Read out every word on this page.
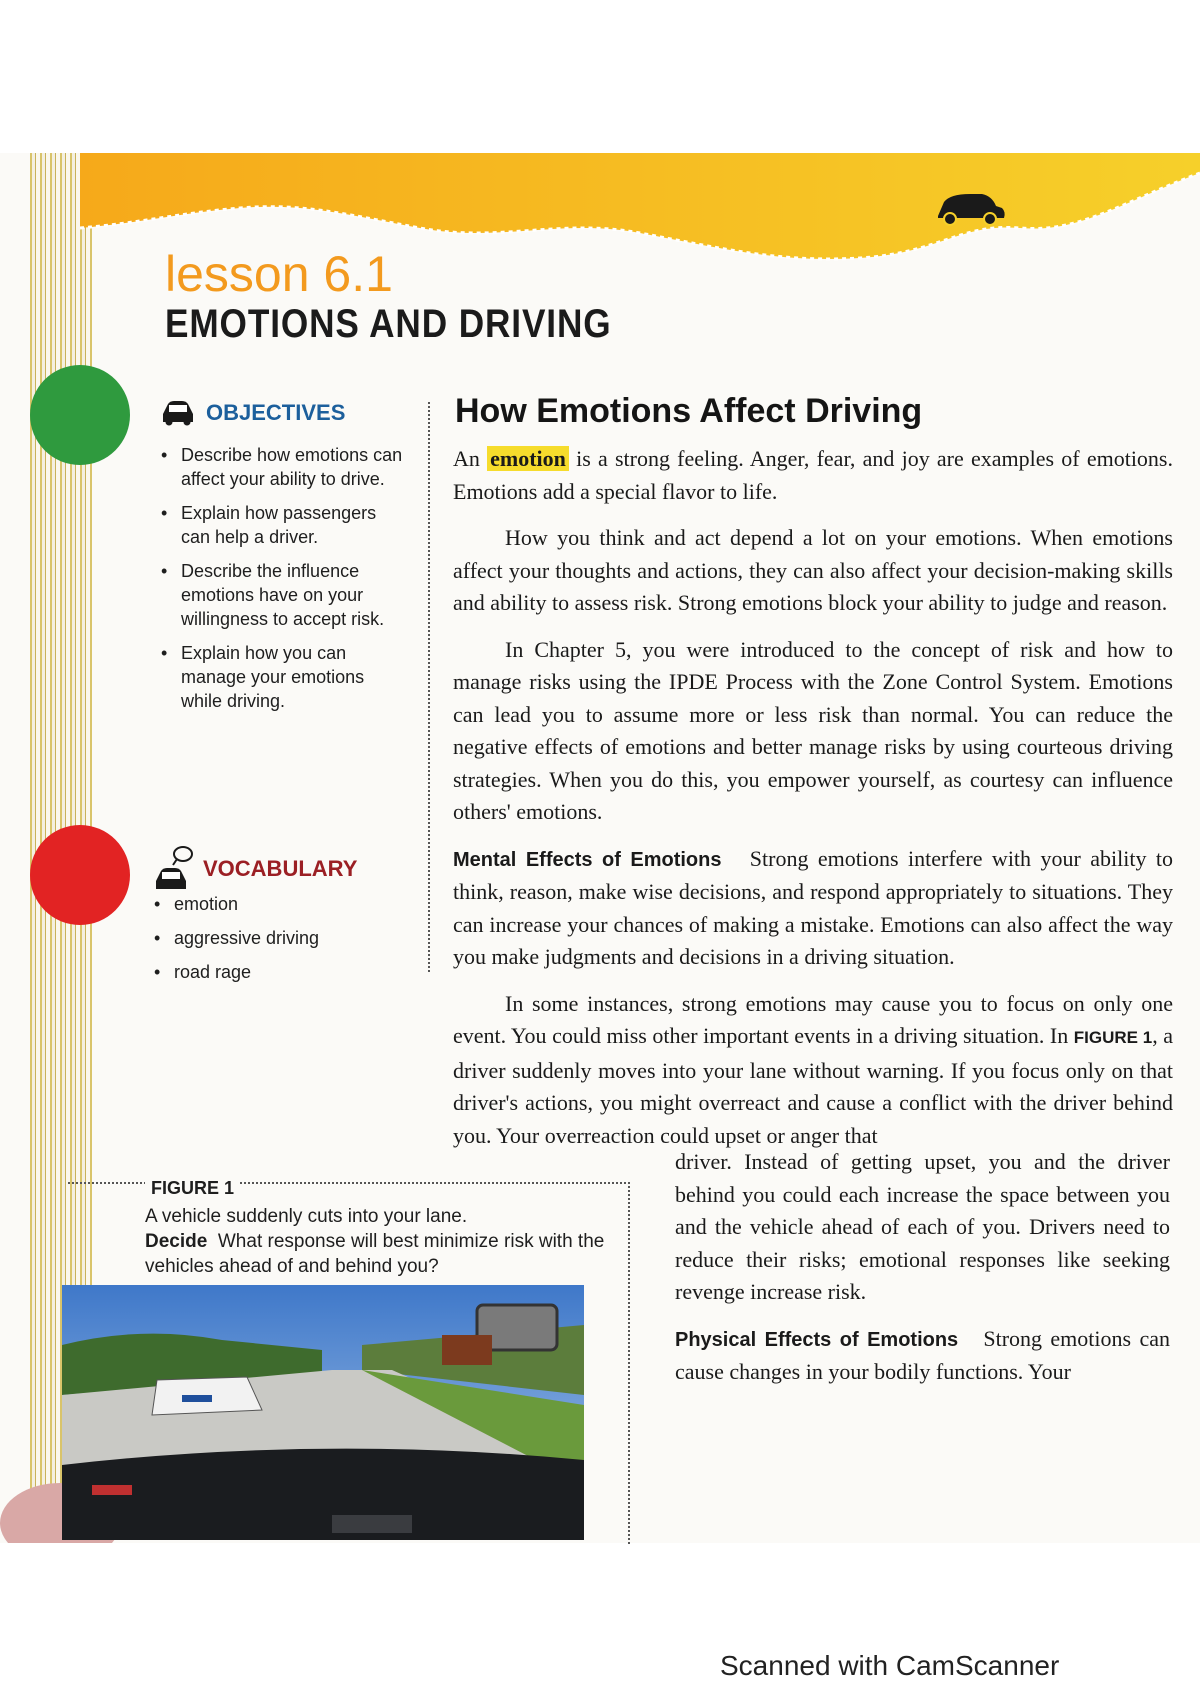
lesson 6.1
EMOTIONS AND DRIVING
OBJECTIVES
• Describe how emotions can affect your ability to drive.
• Explain how passengers can help a driver.
• Describe the influence emotions have on your willingness to accept risk.
• Explain how you can manage your emotions while driving.
VOCABULARY
• emotion
• aggressive driving
• road rage
How Emotions Affect Driving

An emotion is a strong feeling. Anger, fear, and joy are examples of emotions. Emotions add a special flavor to life.

How you think and act depend a lot on your emotions. When emotions affect your thoughts and actions, they can also affect your decision-making skills and ability to assess risk. Strong emotions block your ability to judge and reason.

In Chapter 5, you were introduced to the concept of risk and how to manage risks using the IPDE Process with the Zone Control System. Emotions can lead you to assume more or less risk than normal. You can reduce the negative effects of emotions and better manage risks by using courteous driving strategies. When you do this, you empower yourself, as courtesy can influence others' emotions.

Mental Effects of Emotions Strong emotions interfere with your ability to think, reason, make wise decisions, and respond appropriately to situations. They can increase your chances of making a mistake. Emotions can also affect the way you make judgments and decisions in a driving situation.

In some instances, strong emotions may cause you to focus on only one event. You could miss other important events in a driving situation. In FIGURE 1, a driver suddenly moves into your lane without warning. If you focus only on that driver's actions, you might overreact and cause a conflict with the driver behind you. Your overreaction could upset or anger that

driver. Instead of getting upset, you and the driver behind you could each increase the space between you and the vehicle ahead of each of you. Drivers need to reduce their risks; emotional responses like seeking revenge increase risk.

Physical Effects of Emotions Strong emotions can cause changes in your bodily functions. Your

FIGURE 1
A vehicle suddenly cuts into your lane.
Decide What response will best minimize risk with the vehicles ahead of and behind you?
Scanned with CamScanner
